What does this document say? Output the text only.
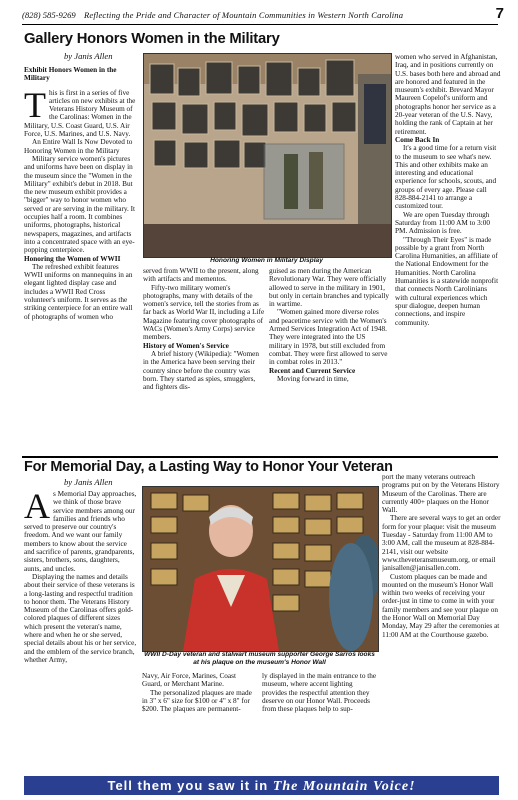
(828) 585-9269 Reflecting the Pride and Character of Mountain Communities in Western North Carolina	7
Gallery Honors Women in the Military
by Janis Allen
Honoring Women in Military Display
Exhibit Honors Women in the Military

This is first in a series of five articles on new exhibits at the Veterans History Museum of the Carolinas: Women in the Military, U.S. Coast Guard, U.S. Air Force, U.S. Marines, and U.S. Navy.

An Entire Wall Is Now Devoted to Honoring Women in the Military

Military service women's pictures and uniforms have been on display in the museum since the "Women in the Military" exhibit's debut in 2018. But the new museum exhibit provides a "bigger" way to honor women who served or are serving in the military. It occupies half a room. It combines uniforms, photographs, historical newspapers, magazines, and artifacts into a concentrated space with an eye-popping centerpiece.

Honoring the Women of WWII

The refreshed exhibit features WWII uniforms on mannequins in an elegant lighted display case and includes a WWII Red Cross volunteer's uniform. It serves as the striking centerpiece for an entire wall of photographs of women who

served from WWII to the present, along with artifacts and mementos.

Fifty-two military women's photographs, many with details of the women's service, tell the stories from as far back as World War II, including a Life Magazine featuring cover photographs of WACs (Women's Army Corps) service members.

History of Women's Service

A brief history (Wikipedia): "Women in the America have been serving their country since before the country was born. They started as spies, smugglers, and fighters dis-

guised as men during the American Revolutionary War. They were officially allowed to serve in the military in 1901, but only in certain branches and typically in wartime.

"Women gained more diverse roles and peacetime service with the Women's Armed Services Integration Act of 1948. They were integrated into the US military in 1978, but still excluded from combat. They were first allowed to serve in combat roles in 2013."

Recent and Current Service

Moving forward in time,

women who served in Afghanistan, Iraq, and in positions currently on U.S. bases both here and abroad and are honored and featured in the museum's exhibit. Brevard Mayor Maureen Copelof's uniform and photographs honor her service as a 20-year veteran of the U.S. Navy, holding the rank of Captain at her retirement.

Come Back In

It's a good time for a return visit to the museum to see what's new. This and other exhibits make an interesting and educational experience for schools, scouts, and groups of every age. Please call 828-884-2141 to arrange a customized tour.

We are open Tuesday through Saturday from 11:00 AM to 3:00 PM. Admission is free.

"Through Their Eyes" is made possible by a grant from North Carolina Humanities, an affiliate of the National Endowment for the Humanities. North Carolina Humanities is a statewide nonprofit that connects North Carolinians with cultural experiences which spur dialogue, deepen human connections, and inspire community.

For Memorial Day, a Lasting Way to Honor Your Veteran
by Janis Allen
WWII D-Day veteran and stalwart museum supporter George Sarros looks at his plaque on the museum's Honor Wall

As Memorial Day approaches, we think of those brave service members among our families and friends who served to preserve our country's freedom. And we want our family members to know about the service and sacrifice of parents, grandparents, sisters, brothers, sons, daughters, aunts, and uncles.

Displaying the names and details about their service of these veterans is a long-lasting and respectful tradition to honor them. The Veterans History Museum of the Carolinas offers gold-colored plaques of different sizes which present the veteran's name, where and when he or she served, special details about his or her service, and the emblem of the service branch, whether Army,

Navy, Air Force, Marines, Coast Guard, or Merchant Marine.

The personalized plaques are made in 3" x 6" size for $100 or 4" x 8" for $200. The plaques are permanent-

ly displayed in the main entrance to the museum, where accent lighting provides the respectful attention they deserve on our Honor Wall. Proceeds from these plaques help to sup-

port the many veterans outreach programs put on by the Veterans History Museum of the Carolinas. There are currently 400+ plaques on the Honor Wall.

There are several ways to get an order form for your plaque: visit the museum Tuesday - Saturday from 11:00 AM to 3:00 AM, call the museum at 828-884-2141, visit our website www.theveteransmuseum.org, or email janisallen@janisallen.com.

Custom plaques can be made and mounted on the museum's Honor Wall within two weeks of receiving your order-just in time to come in with your family members and see your plaque on the Honor Wall on Memorial Day Monday, May 29 after the ceremonies at 11:00 AM at the Courthouse gazebo.

Tell them you saw it in The Mountain Voice!
